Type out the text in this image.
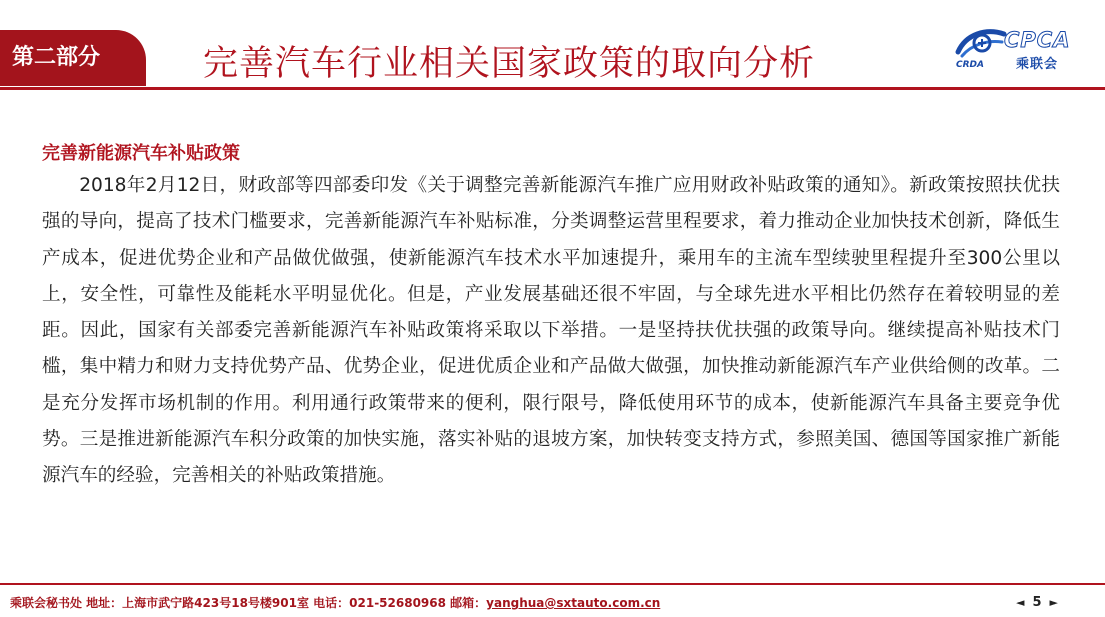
第二部分	完善汽车行业相关国家政策的取向分析
CPCA
乘联会
CRDA
完善新能源汽车补贴政策
2018年2月12日，财政部等四部委印发《关于调整完善新能源汽车推广应用财政补贴政策的通知》。新政策按照扶优扶强的导向，提高了技术门槛要求，完善新能源汽车补贴标准，分类调整运营里程要求，着力推动企业加快技术创新，降低生产成本，促进优势企业和产品做优做强，使新能源汽车技术水平加速提升，乘用车的主流车型续驶里程提升至300公里以上，安全性，可靠性及能耗水平明显优化。但是，产业发展基础还很不牢固，与全球先进水平相比仍然存在着较明显的差距。因此，国家有关部委完善新能源汽车补贴政策将采取以下举措。一是坚持扶优扶强的政策导向。继续提高补贴技术门槛，集中精力和财力支持优势产品、优势企业，促进优质企业和产品做大做强，加快推动新能源汽车产业供给侧的改革。二是充分发挥市场机制的作用。利用通行政策带来的便利，限行限号，降低使用环节的成本，使新能源汽车具备主要竞争优势。三是推进新能源汽车积分政策的加快实施，落实补贴的退坡方案，加快转变支持方式，参照美国、德国等国家推广新能源汽车的经验，完善相关的补贴政策措施。
乘联会秘书处 地址：上海市武宁路423号18号楼901室 电话：021-52680968 邮箱：yanghua@sxtauto.com.cn	◄ 5 ►
